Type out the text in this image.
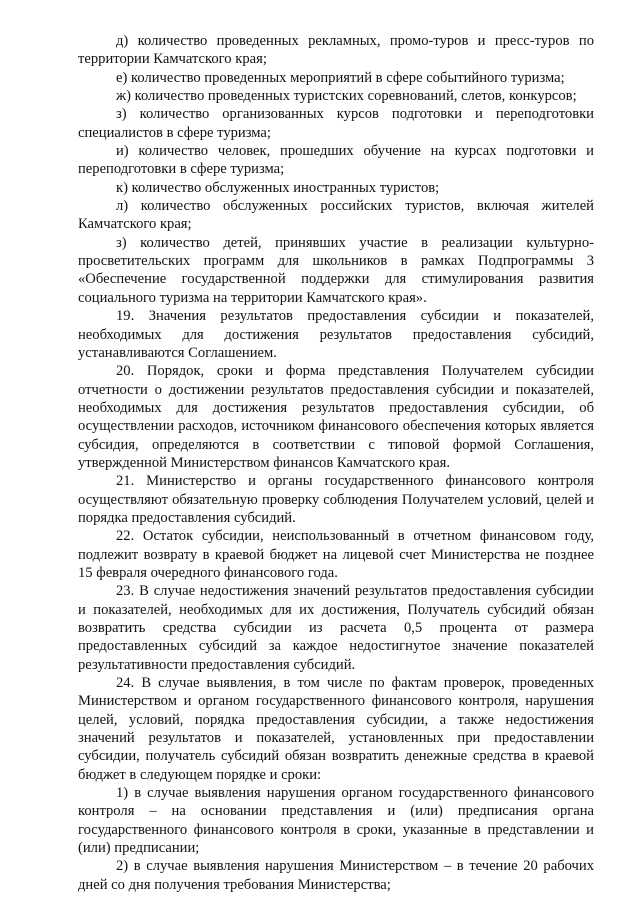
д) количество проведенных рекламных, промо-туров и пресс-туров по территории Камчатского края;

е) количество проведенных мероприятий в сфере событийного туризма;

ж) количество проведенных туристских соревнований, слетов, конкурсов;

з) количество организованных курсов подготовки и переподготовки специалистов в сфере туризма;

и) количество человек, прошедших обучение на курсах подготовки и переподготовки в сфере туризма;

к) количество обслуженных иностранных туристов;

л) количество обслуженных российских туристов, включая жителей Камчатского края;

з) количество детей, принявших участие в реализации культурно-просветительских программ для школьников в рамках Подпрограммы 3 «Обеспечение государственной поддержки для стимулирования развития социального туризма на территории Камчатского края».

19. Значения результатов предоставления субсидии и показателей, необходимых для достижения результатов предоставления субсидий, устанавливаются Соглашением.

20. Порядок, сроки и форма представления Получателем субсидии отчетности о достижении результатов предоставления субсидии и показателей, необходимых для достижения результатов предоставления субсидии, об осуществлении расходов, источником финансового обеспечения которых является субсидия, определяются в соответствии с типовой формой Соглашения, утвержденной Министерством финансов Камчатского края.

21. Министерство и органы государственного финансового контроля осуществляют обязательную проверку соблюдения Получателем условий, целей и порядка предоставления субсидий.

22. Остаток субсидии, неиспользованный в отчетном финансовом году, подлежит возврату в краевой бюджет на лицевой счет Министерства не позднее 15 февраля очередного финансового года.

23. В случае недостижения значений результатов предоставления субсидии и показателей, необходимых для их достижения, Получатель субсидий обязан возвратить средства субсидии из расчета 0,5 процента от размера предоставленных субсидий за каждое недостигнутое значение показателей результативности предоставления субсидий.

24. В случае выявления, в том числе по фактам проверок, проведенных Министерством и органом государственного финансового контроля, нарушения целей, условий, порядка предоставления субсидии, а также недостижения значений результатов и показателей, установленных при предоставлении субсидии, получатель субсидий обязан возвратить денежные средства в краевой бюджет в следующем порядке и сроки:

1) в случае выявления нарушения органом государственного финансового контроля – на основании представления и (или) предписания органа государственного финансового контроля в сроки, указанные в представлении и (или) предписании;

2) в случае выявления нарушения Министерством – в течение 20 рабочих дней со дня получения требования Министерства;
